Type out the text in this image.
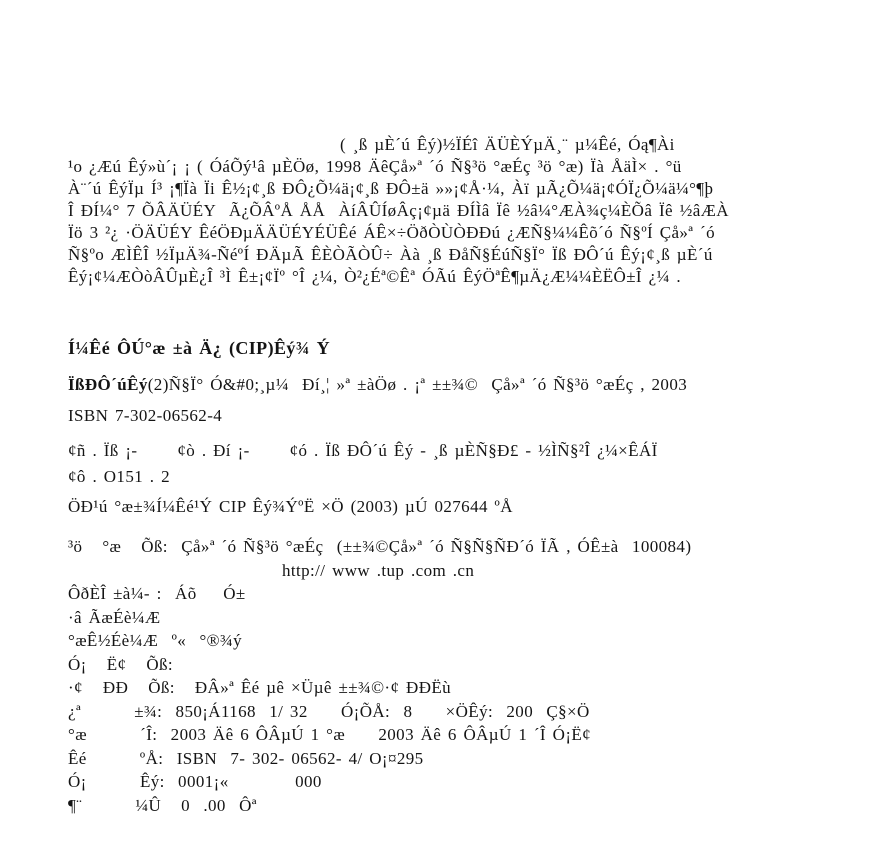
( ¸ß µÈ´ú Êý)½ÏÉî ÄÜÈÝµÄ¸¨ µ¼Êé, Óą¶Ài
¹o ¿Æú Êý»ù´¡ ¡ ( ÓáÕý¹â µÈÖø, 1998 ÄêÇå»ª ´ó Ñ§³ö °æÉç ³ö °æ) Ïà ÅäÌ× . °ü
À¨´ú ÊýÏµ Í³ ¡¶Ïà Ïi Ê½¡¢¸ß ÐÔ¿Õ¼ä¡¢¸ß ÐÔ±ä »»¡¢Å·¼, Àï µÃ¿Õ¼ä¡¢ÓÏ¿Õ¼ä¼°¶þ
Î ÐÍ¼° 7 ÕÂÄÜÉY  Ã¿ÕÂºÅ ÅÅ  ÀíÂÛÍøÂç¡¢µä ÐÍÌâ Ïê ½â¼°ÆÀ¾ç¼ÈÕâ Ïê ½âÆÀ
Ïö 3 ²¿ ·ÖÄÜÉY ÊéÖÐµÄÄÜÉYÉÜÊé ÁÊ×÷ÖðÒÙÒÐÐú ¿ÆÑ§¼¼Êõ´ó Ñ§ºÍ Çå»ª ´ó
Ñ§ºo ÆÌÊÎ ½ÏµÄ¾-ÑéºÍ ÐÄµÃ ÊÈÒÃÒÛ÷ Àà ¸ß ÐåÑ§ÉúÑ§Ï° Ïß ÐÔ´ú Êý¡¢¸ß µÈ´ú
Êý¡¢¼ÆÒòÂÛµÈ¿Î ³Ì Ê±¡¢Ïº °Î ¿¼, Ò²¿Éª©Êª ÓÃú ÊýÖªÊ¶µÄ¿Æ¼¼ÈËÔ±Î ¿¼ .
Í¼Êé ÔÚ°æ ±à Ä¿ (CIP)Êý¾ Ý
ÏßÐÔ´úÊý(2)Ñ§Ï° Ó&#0;¸µ¼  Ðí¸¦ »ª ±àÖø . ¡ª ±±¾©  Çå»ª ´ó Ñ§³ö °æÉç , 2003
ISBN 7-302-06562-4
¢ñ . Ïß ¡-      ¢ò . Ðí ¡-      ¢ó . Ïß ÐÔ´ú Êý - ¸ß µÈÑ§Ð£ - ½ÌÑ§²Î ¿¼×ÊÁÏ
¢ô . O151 . 2
ÖÐ¹ú °æ±¾Í¼Êé¹Ý CIP Êý¾ÝºË ×Ö (2003) µÚ 027644 ºÅ
³ö   °æ   Õß:  Çå»ª ´ó Ñ§³ö °æÉç  (±±¾©Çå»ª ´ó Ñ§Ñ§ÑÐ´ó ÏÃ , ÓÊ±à  100084)
http:// www .tup .com .cn
ÔðÈÎ ±à¼- :  Áõ    Ó±
·â ÃæÉè¼Æ
°æÊ½Éè¼Æ  º«  °®¾ý
Ó¡   Ë¢   Õß:
·¢   ÐÐ   Õß:   ÐÂ»ª Êé µê ×Üµê ±±¾©·¢ ÐÐËù
¿ª        ±¾:  850¡Á1168  1/ 32     Ó¡ÕÅ:  8     ×ÖÊý:  200  Ç§×Ö
°æ        ´Î:  2003 Äê 6 ÔÂµÚ 1 °æ     2003 Äê 6 ÔÂµÚ 1 ´Î Ó¡Ë¢
Êé        ºÅ:  ISBN  7- 302- 06562- 4/ O¡¤295
Ó¡        Êý:  0001¡«          000
¶¨        ¼Û   0  .00  Ôª
